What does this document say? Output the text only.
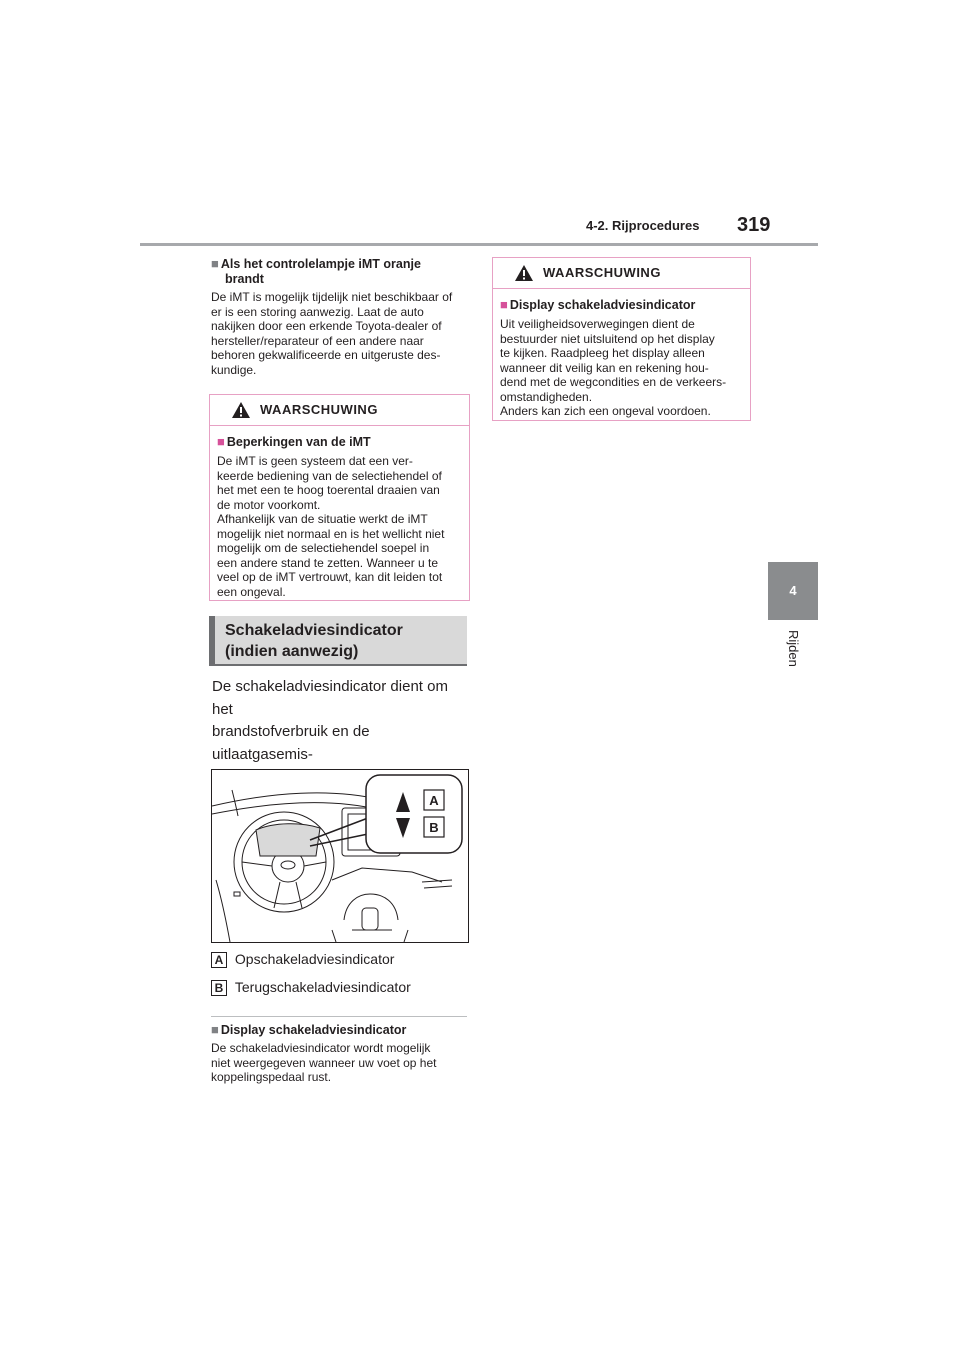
4-2. Rijprocedures 319
4
Rijden
■ Als het controlelampje iMT oranje
brandt
De iMT is mogelijk tijdelijk niet beschikbaar of
er is een storing aanwezig. Laat de auto
nakijken door een erkende Toyota-dealer of
hersteller/reparateur of een andere naar
behoren gekwalificeerde en uitgeruste des-
kundige.
WAARSCHUWING
■ Beperkingen van de iMT
De iMT is geen systeem dat een ver-
keerde bediening van de selectiehendel of
het met een te hoog toerental draaien van
de motor voorkomt.
Afhankelijk van de situatie werkt de iMT
mogelijk niet normaal en is het wellicht niet
mogelijk om de selectiehendel soepel in
een andere stand te zetten. Wanneer u te
veel op de iMT vertrouwt, kan dit leiden tot
een ongeval.
Schakeladviesindicator
(indien aanwezig)
De schakeladviesindicator dient om het
brandstofverbruik en de uitlaatgasemis-
A
B
A Opschakeladviesindicator
B Terugschakeladviesindicator
■ Display schakeladviesindicator
De schakeladviesindicator wordt mogelijk
niet weergegeven wanneer uw voet op het
koppelingspedaal rust.
WAARSCHUWING
■ Display schakeladviesindicator
Uit veiligheidsoverwegingen dient de
bestuurder niet uitsluitend op het display
te kijken. Raadpleeg het display alleen
wanneer dit veilig kan en rekening hou-
dend met de wegcondities en de verkeers-
omstandigheden.
Anders kan zich een ongeval voordoen.
